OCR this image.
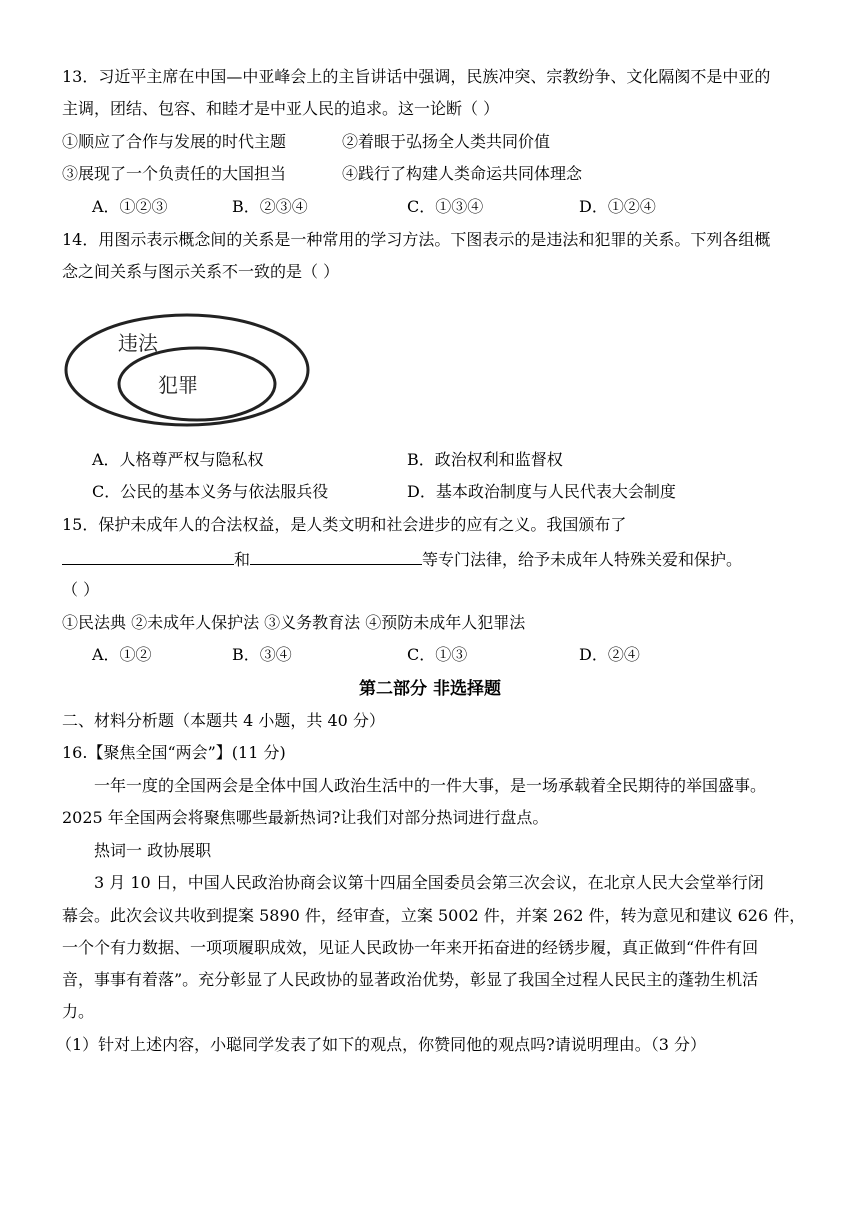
13．习近平主席在中国—中亚峰会上的主旨讲话中强调，民族冲突、宗教纷争、文化隔阂不是中亚的
主调，团结、包容、和睦才是中亚人民的追求。这一论断（ ）
①顺应了合作与发展的时代主题	②着眼于弘扬全人类共同价值
③展现了一个负责任的大国担当	④践行了构建人类命运共同体理念
A．①②③	B．②③④	C．①③④	D．①②④
14．用图示表示概念间的关系是一种常用的学习方法。下图表示的是违法和犯罪的关系。下列各组概
念之间关系与图示关系不一致的是（ ）
违法
犯罪
A．人格尊严权与隐私权	B．政治权利和监督权
C．公民的基本义务与依法服兵役	D．基本政治制度与人民代表大会制度
15．保护未成年人的合法权益，是人类文明和社会进步的应有之义。我国颁布了
和	等专门法律，给予未成年人特殊关爱和保护。
（ ）
①民法典 ②未成年人保护法 ③义务教育法 ④预防未成年人犯罪法
A．①②	B．③④	C．①③	D．②④
第二部分 非选择题
二、材料分析题（本题共 4 小题，共 40 分）
16.【聚焦全国“两会”】(11 分)
一年一度的全国两会是全体中国人政治生活中的一件大事，是一场承载着全民期待的举国盛事。
2025 年全国两会将聚焦哪些最新热词?让我们对部分热词进行盘点。
热词一 政协展职
3 月 10 日，中国人民政治协商会议第十四届全国委员会第三次会议，在北京人民大会堂举行闭
幕会。此次会议共收到提案 5890 件，经审查，立案 5002 件，并案 262 件，转为意见和建议 626 件，
一个个有力数据、一项项履职成效，见证人民政协一年来开拓奋进的经锈步履，真正做到“件件有回
音，事事有着落”。充分彰显了人民政协的显著政治优势，彰显了我国全过程人民民主的蓬勃生机活
力。
（1）针对上述内容，小聪同学发表了如下的观点，你赞同他的观点吗?请说明理由。（3 分）
